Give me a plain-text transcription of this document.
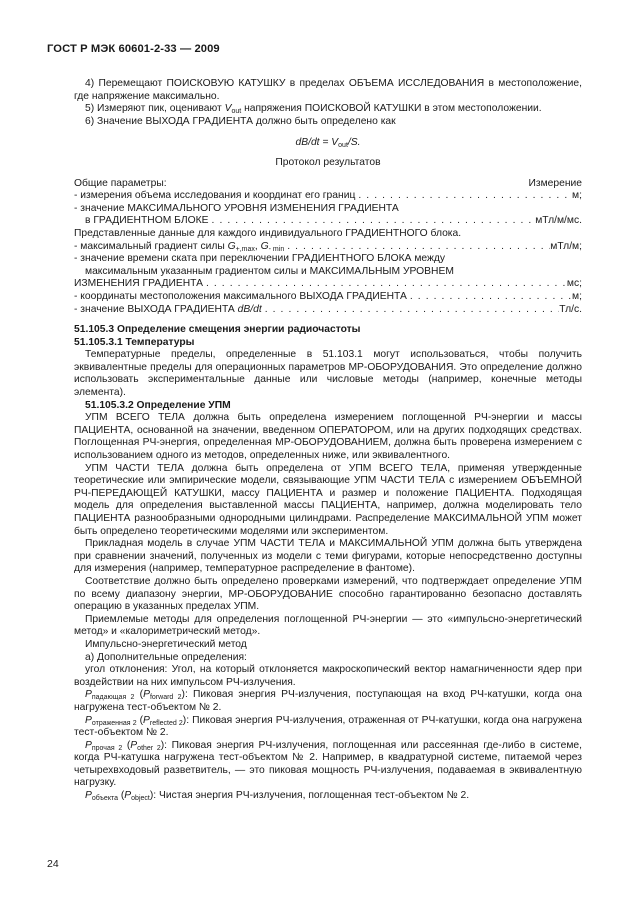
ГОСТ Р МЭК 60601-2-33 — 2009

4) Перемещают ПОИСКОВУЮ КАТУШКУ в пределах ОБЪЕМА ИССЛЕДОВАНИЯ в местоположение, где напряжение максимально.

5) Измеряют пик, оценивают $V_{out}$ напряжения ПОИСКОВОЙ КАТУШКИ в этом местоположении.

6) Значение ВЫХОДА ГРАДИЕНТА должно быть определено как

$dB/dt = V_{out}/S$.

Протокол результатов

Общие параметры:	Измерение
- измерения объема исследования и координат его границ . . .	м;
- значение МАКСИМАЛЬНОГО УРОВНЯ ИЗМЕНЕНИЯ ГРАДИЕНТА
в ГРАДИЕНТНОМ БЛОКЕ . . .	мТл/м/мс.
Представленные данные для каждого индивидуального ГРАДИЕНТНОГО блока.
- максимальный градиент силы $G_{+,max}$, $G_{- min}$ . . .	мТл/м;
- значение времени ската при переключении ГРАДИЕНТНОГО БЛОКА между
максимальным указанным градиентом силы и МАКСИМАЛЬНЫМ УРОВНЕМ
ИЗМЕНЕНИЯ ГРАДИЕНТА . . .	мс;
- координаты местоположения максимального ВЫХОДА ГРАДИЕНТА . . .	м;
- значение ВЫХОДА ГРАДИЕНТА dB/dt . . .	Тл/с.

51.105.3 Определение смещения энергии радиочастоты

51.105.3.1 Температуры

Температурные пределы, определенные в 51.103.1 могут использоваться, чтобы получить эквивалентные пределы для операционных параметров МР-ОБОРУДОВАНИЯ. Это определение должно использовать экспериментальные данные или числовые методы (например, конечные методы элемента).

51.105.3.2 Определение УПМ

УПМ ВСЕГО ТЕЛА должна быть определена измерением поглощенной РЧ-энергии и массы ПАЦИЕНТА, основанной на значении, введенном ОПЕРАТОРОМ, или на других подходящих средствах. Поглощенная РЧ-энергия, определенная МР-ОБОРУДОВАНИЕМ, должна быть проверена измерением с использованием одного из методов, определенных ниже, или эквивалентного.

УПМ ЧАСТИ ТЕЛА должна быть определена от УПМ ВСЕГО ТЕЛА, применяя утвержденные теоретические или эмпирические модели, связывающие УПМ ЧАСТИ ТЕЛА с измерением ОБЪЕМНОЙ РЧ-ПЕРЕДАЮЩЕЙ КАТУШКИ, массу ПАЦИЕНТА и размер и положение ПАЦИЕНТА. Подходящая модель для определения выставленной массы ПАЦИЕНТА, например, должна моделировать тело ПАЦИЕНТА разнообразными однородными цилиндрами. Распределение МАКСИМАЛЬНОЙ УПМ может быть определено теоретическими моделями или экспериментом.

Прикладная модель в случае УПМ ЧАСТИ ТЕЛА и МАКСИМАЛЬНОЙ УПМ должна быть утверждена при сравнении значений, полученных из модели с теми фигурами, которые непосредственно доступны для измерения (например, температурное распределение в фантоме).

Соответствие должно быть определено проверками измерений, что подтверждает определение УПМ по всему диапазону энергии, МР-ОБОРУДОВАНИЕ способно гарантированно безопасно доставлять операцию в указанных пределах УПМ.

Приемлемые методы для определения поглощенной РЧ-энергии — это «импульсно-энергетический метод» и «калориметрический метод».

Импульсно-энергетический метод

а) Дополнительные определения:

угол отклонения: Угол, на который отклоняется макроскопический вектор намагниченности ядер при воздействии на них импульсом РЧ-излучения.

$P_{падающая 2}$ $(P_{forward 2})$: Пиковая энергия РЧ-излучения, поступающая на вход РЧ-катушки, когда она нагружена тест-объектом № 2.

$P_{отраженная 2}$ $(P_{reflected 2})$: Пиковая энергия РЧ-излучения, отраженная от РЧ-катушки, когда она нагружена тест-объектом № 2.

$P_{прочая 2}$ $(P_{other 2})$: Пиковая энергия РЧ-излучения, поглощенная или рассеянная где-либо в системе, когда РЧ-катушка нагружена тест-объектом № 2. Например, в квадратурной системе, питаемой через четырехвходовый разветвитель, — это пиковая мощность РЧ-излучения, подаваемая в эквивалентную нагрузку.

$P_{объекта}$ $(P_{object})$: Чистая энергия РЧ-излучения, поглощенная тест-объектом № 2.

24
